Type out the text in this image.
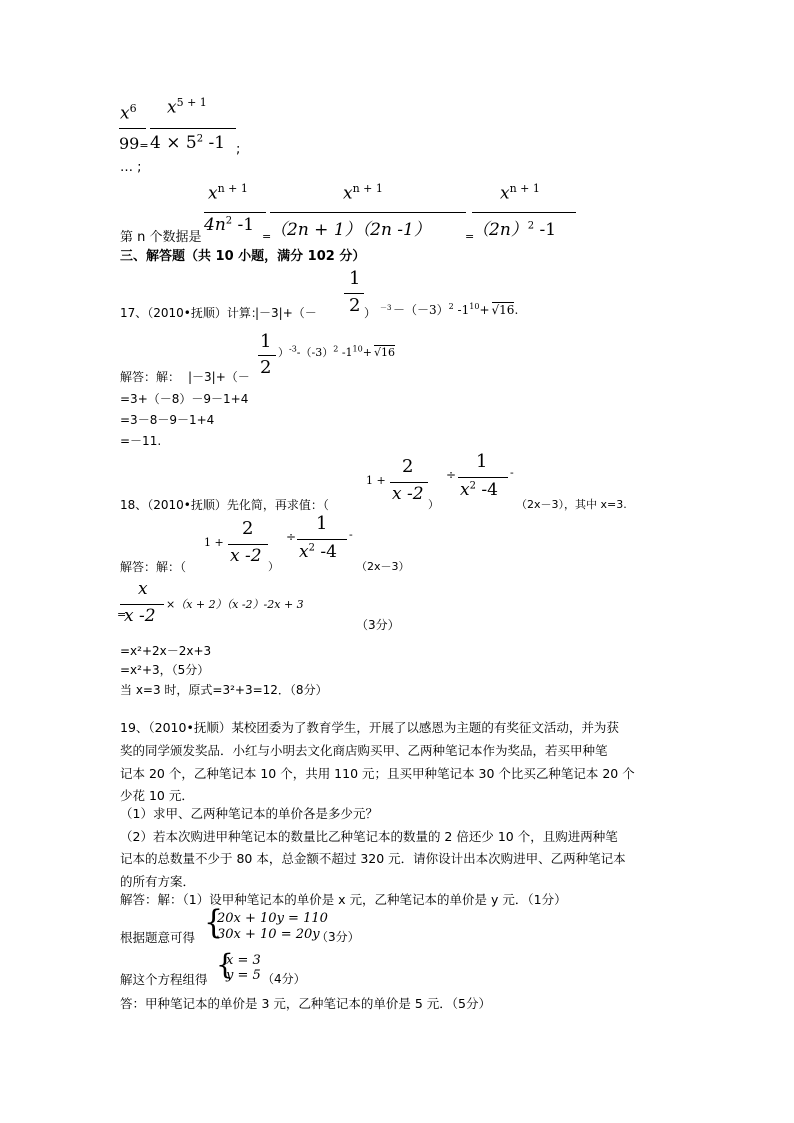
$x^6$
99=
$x^{5 + 1}$
$4 \times 5^2$ -1 ;
… ;
第 n 个数据是
$x^{n + 1}$
$4n^2$ -1
=
$x^{n + 1}$
（2n + 1）（2n -1）	=
$x^{n + 1}$
$(2n)^2$ -1
三、解答题（共 10 小题，满分 102 分）
17、（2010•抚顺）计算：
|－3|+（－
1
2 ） $-3 -(-3)^2$ $-1^{10}+ √16$.
1
2
）$^{-3}-(-3)^2$ $-1^{10}+ √16$
解答：解： |－3|+（－
=3+（－8）－9－1+4
=3－8－9－1+4
=－11.
18、（2010•抚顺）先化简，再求值：（
1 +
2
x -2
）
÷
1
$x^2$ -4
-
（2x－3），其中 x=3.
解答：解：（
1 +
2
x -2
）
÷
1
$x^2$ -4
-
（2x－3）
x
=
x -2
×（x + 2）（x -2）-2x + 3
（3分）
=x²+2x－2x+3
=x²+3，（5分）
当 x=3 时，原式=3²+3=12．（8分）
19、（2010•抚顺）某校团委为了教育学生，开展了以感恩为主题的有奖征文活动，并为获
奖的同学颁发奖品．小红与小明去文化商店购买甲、乙两种笔记本作为奖品，若买甲种笔
记本 20 个，乙种笔记本 10 个，共用 110 元；且买甲种笔记本 30 个比买乙种笔记本 20 个
少花 10 元．
（1）求甲、乙两种笔记本的单价各是多少元？
（2）若本次购进甲种笔记本的数量比乙种笔记本的数量的 2 倍还少 10 个，且购进两种笔
记本的总数量不少于 80 本，总金额不超过 320 元．请你设计出本次购进甲、乙两种笔记本
的所有方案．
解答：解：（1）设甲种笔记本的单价是 x 元，乙种笔记本的单价是 y 元．（1分）
根据题意可得 {
20x + 10y = 110
30x + 10 = 20y
（3分）
解这个方程组得 {
x = 3
y = 5 （4分）
答：甲种笔记本的单价是 3 元，乙种笔记本的单价是 5 元．（5分）
